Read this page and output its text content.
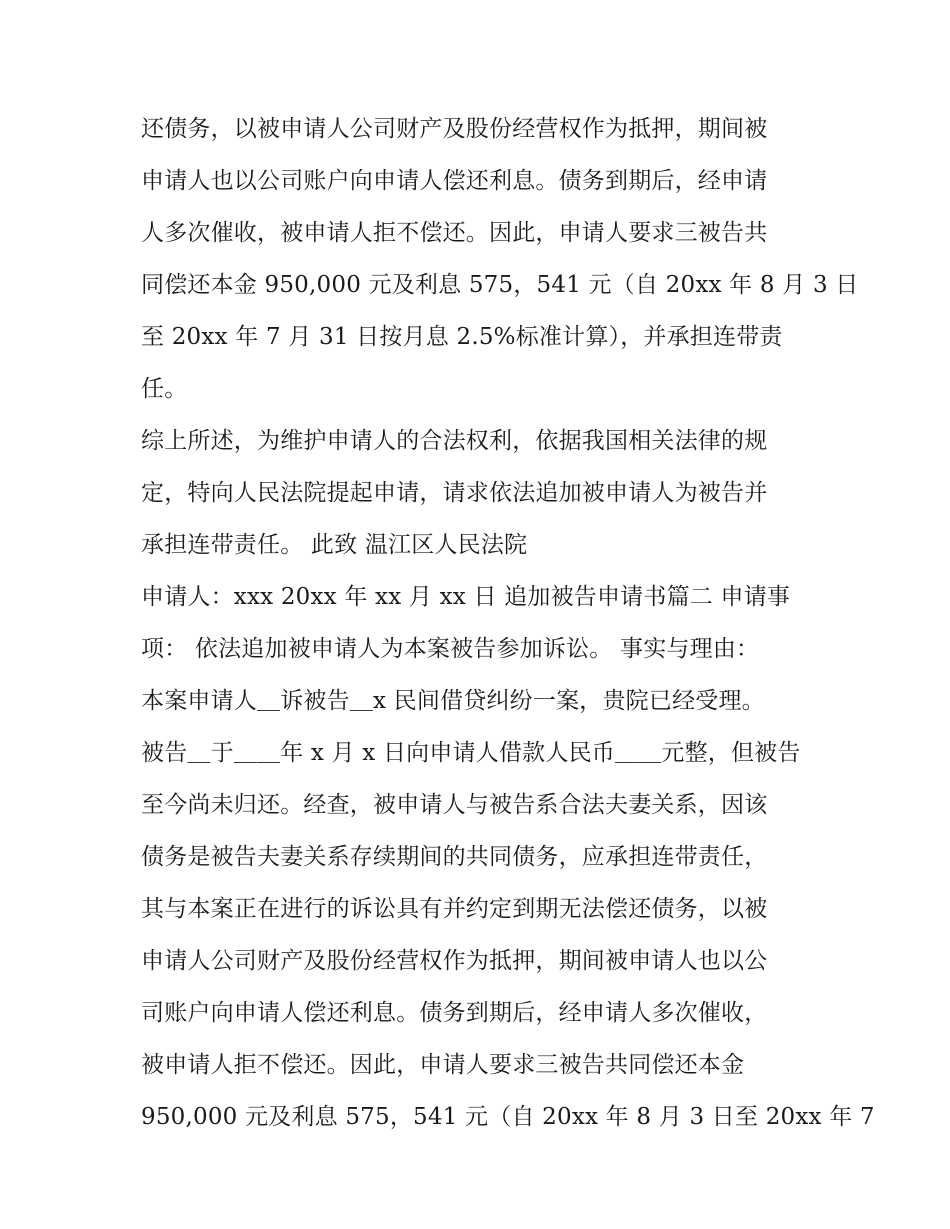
还债务，以被申请人公司财产及股份经营权作为抵押，期间被
申请人也以公司账户向申请人偿还利息。债务到期后，经申请
人多次催收，被申请人拒不偿还。因此，申请人要求三被告共
同偿还本金 950,000 元及利息 575，541 元（自 20xx 年 8 月 3 日
至 20xx 年 7 月 31 日按月息 2.5%标准计算），并承担连带责
任。
综上所述，为维护申请人的合法权利，依据我国相关法律的规
定，特向人民法院提起申请，请求依法追加被申请人为被告并
承担连带责任。 此致 温江区人民法院
申请人：xxx 20xx 年 xx 月 xx 日 追加被告申请书篇二 申请事
项： 依法追加被申请人为本案被告参加诉讼。 事实与理由：
本案申请人＿诉被告＿x 民间借贷纠纷一案，贵院已经受理。
被告＿于＿＿年 x 月 x 日向申请人借款人民币＿＿元整，但被告
至今尚未归还。经查，被申请人与被告系合法夫妻关系，因该
债务是被告夫妻关系存续期间的共同债务，应承担连带责任，
其与本案正在进行的诉讼具有并约定到期无法偿还债务，以被
申请人公司财产及股份经营权作为抵押，期间被申请人也以公
司账户向申请人偿还利息。债务到期后，经申请人多次催收，
被申请人拒不偿还。因此，申请人要求三被告共同偿还本金
950,000 元及利息 575，541 元（自 20xx 年 8 月 3 日至 20xx 年 7
